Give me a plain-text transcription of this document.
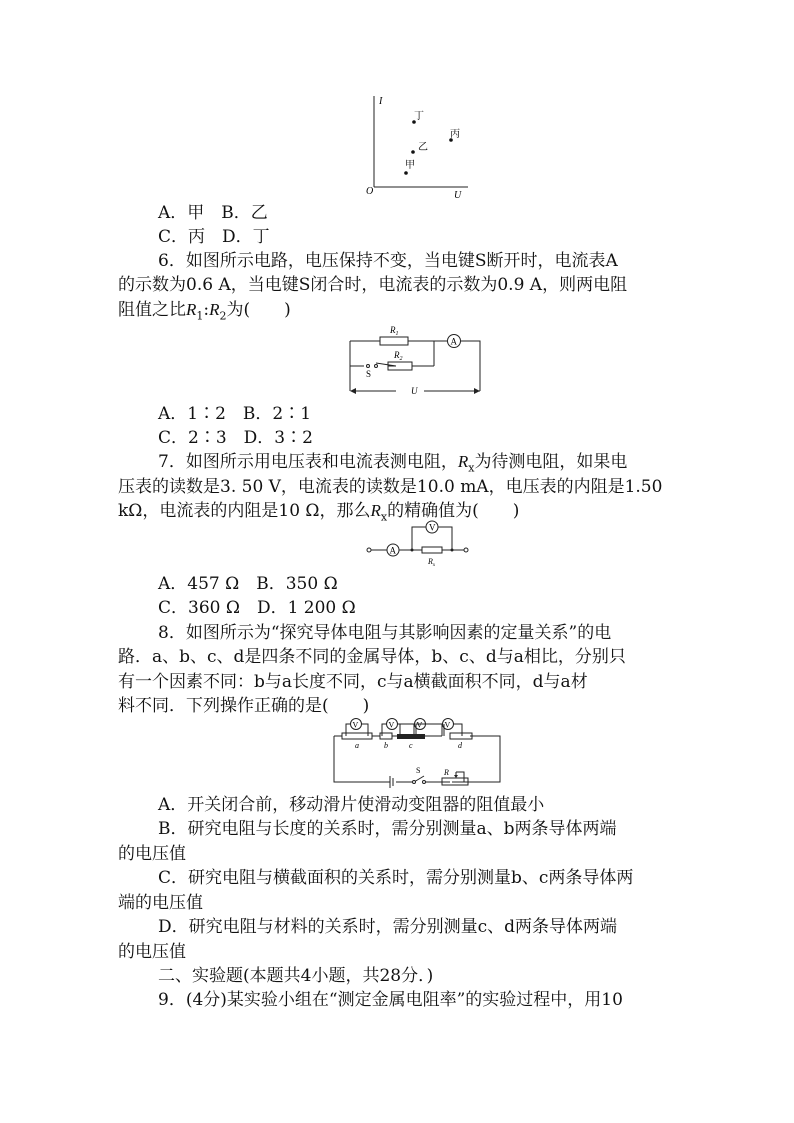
I
U
O
丁
乙
丙
甲
A．甲　B．乙
C．丙　D．丁
6．如图所示电路，电压保持不变，当电键S断开时，电流表A
的示数为0.6 A，当电键S闭合时，电流表的示数为0.9 A，则两电阻
阻值之比$R_1:R_2$为(　　)
$R_1$
$R_2$
A
S
U
A．1∶2　B．2∶1
C．2∶3　D．3∶2
7．如图所示用电压表和电流表测电阻，$R_x$为待测电阻，如果电
压表的读数是3. 50 V，电流表的读数是10.0 mA，电压表的内阻是1.50
kΩ，电流表的内阻是10 Ω，那么$R_x$的精确值为(　　)
A
V
$R_x$
A．457 Ω　B．350 Ω
C．360 Ω　D．1 200 Ω
8．如图所示为“探究导体电阻与其影响因素的定量关系”的电
路．a、b、c、d是四条不同的金属导体，b、c、d与a相比，分别只
有一个因素不同：b与a长度不同，c与a横截面积不同，d与a材
料不同．下列操作正确的是(　　)
V	V	V	V
a	b	c	d
S	R
A．开关闭合前，移动滑片使滑动变阻器的阻值最小
B．研究电阻与长度的关系时，需分别测量a、b两条导体两端
的电压值
C．研究电阻与横截面积的关系时，需分别测量b、c两条导体两
端的电压值
D．研究电阻与材料的关系时，需分别测量c、d两条导体两端
的电压值
二、实验题(本题共4小题，共28分．)
9．(4分)某实验小组在“测定金属电阻率”的实验过程中，用10
